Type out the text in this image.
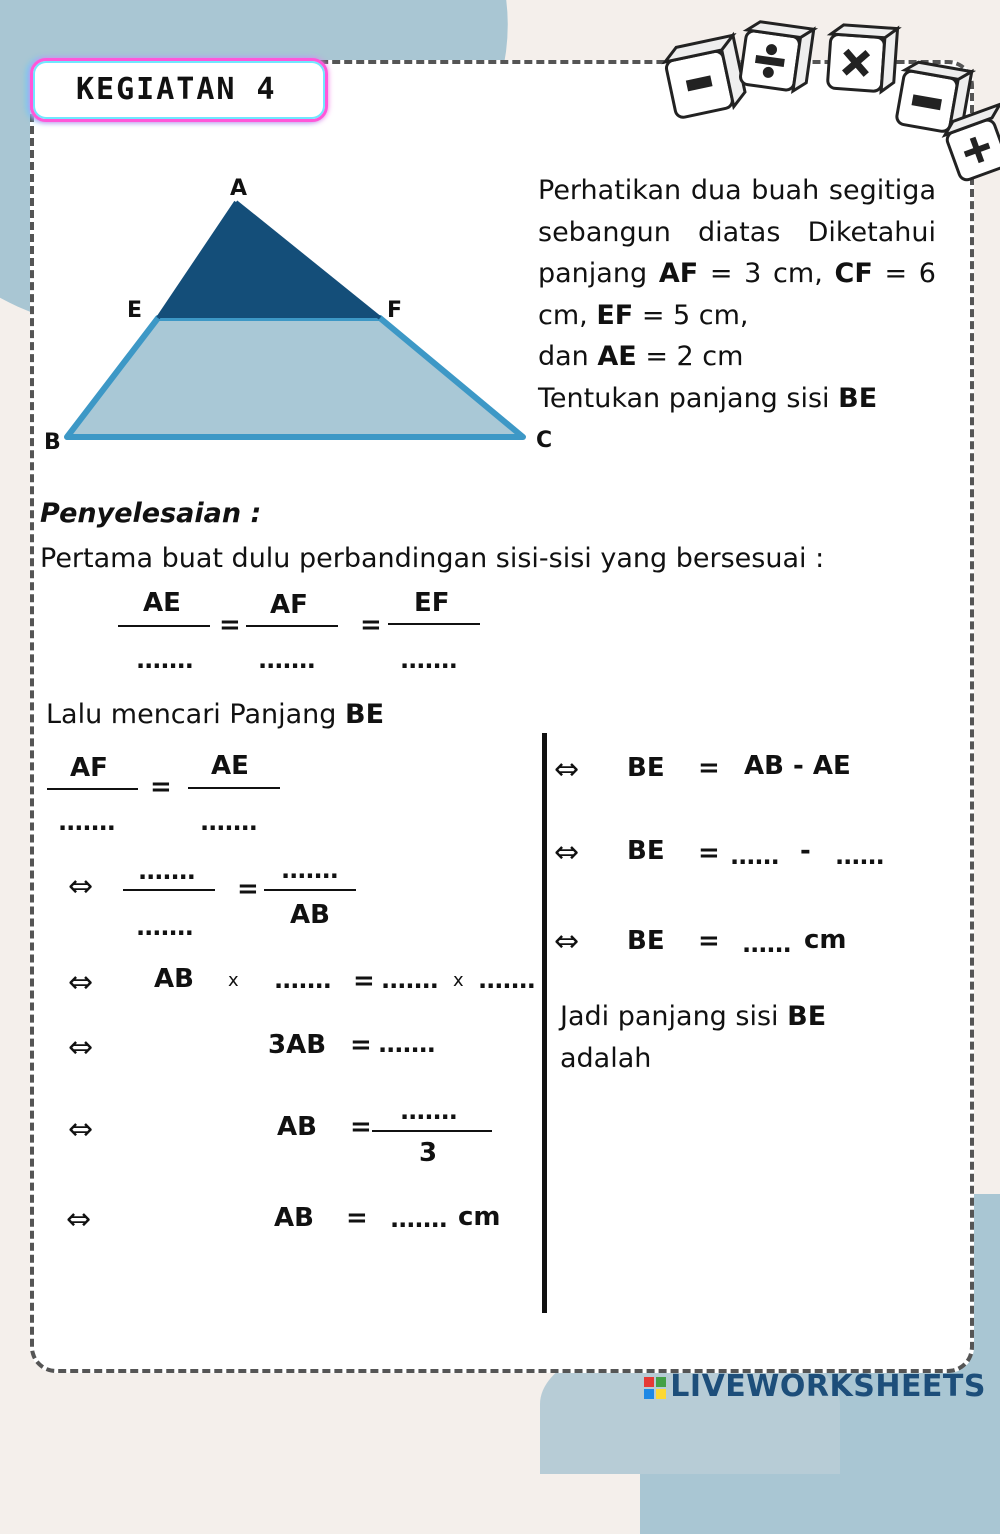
KEGIATAN 4
A
E	F
B	C
Perhatikan dua buah segitiga sebangun diatas Diketahui panjang AF = 3 cm, CF = 6 cm, EF = 5 cm,
dan AE = 2 cm
Tentukan panjang sisi BE
Penyelesaian :
Pertama buat dulu perbandingan sisi-sisi yang bersesuai :
AE
.......
=
AF
.......
=
EF
.......
Lalu mencari Panjang BE
AF
.......
=
AE
.......
⇔ .......
.......
=
.......
AB
⇔ AB x ....... = ....... x .......
⇔	3AB = .......
⇔	AB =
.......
3
⇔	AB = ....... cm
⇔ BE = AB - AE
⇔ BE = ...... - ......
⇔ BE = ...... cm
Jadi panjang sisi BE
adalah
LIVEWORKSHEETS
